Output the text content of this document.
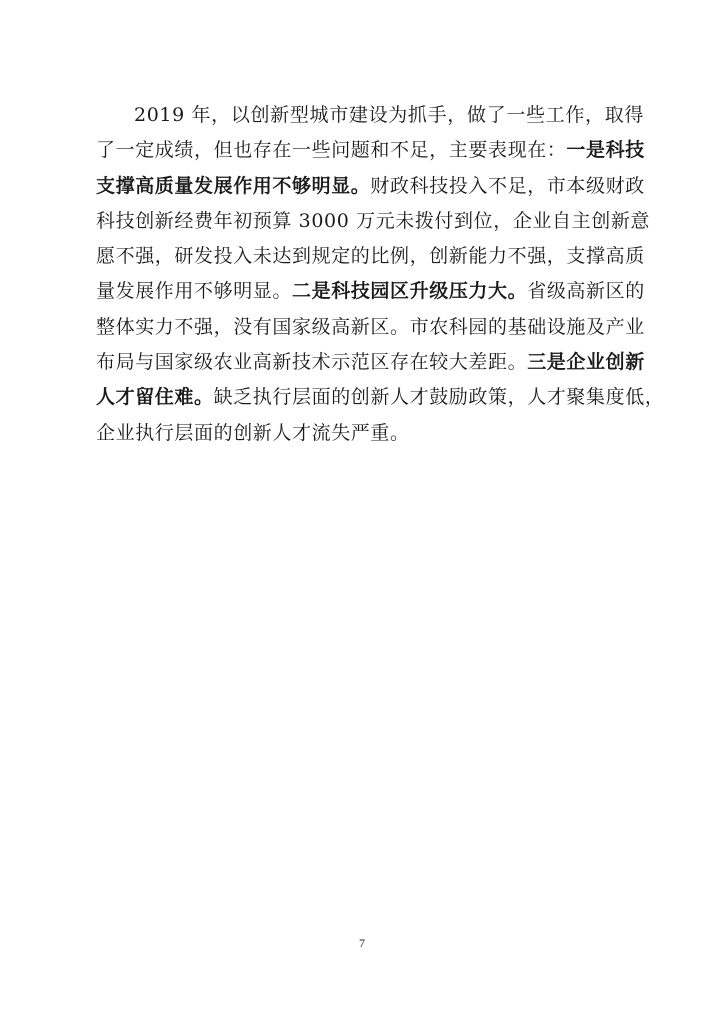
2019 年，以创新型城市建设为抓手，做了一些工作，取得
了一定成绩，但也存在一些问题和不足，主要表现在：一是科技
支撑高质量发展作用不够明显。财政科技投入不足，市本级财政
科技创新经费年初预算 3000 万元未拨付到位，企业自主创新意
愿不强，研发投入未达到规定的比例，创新能力不强，支撑高质
量发展作用不够明显。二是科技园区升级压力大。省级高新区的
整体实力不强，没有国家级高新区。市农科园的基础设施及产业
布局与国家级农业高新技术示范区存在较大差距。三是企业创新
人才留住难。缺乏执行层面的创新人才鼓励政策，人才聚集度低，
企业执行层面的创新人才流失严重。
7
